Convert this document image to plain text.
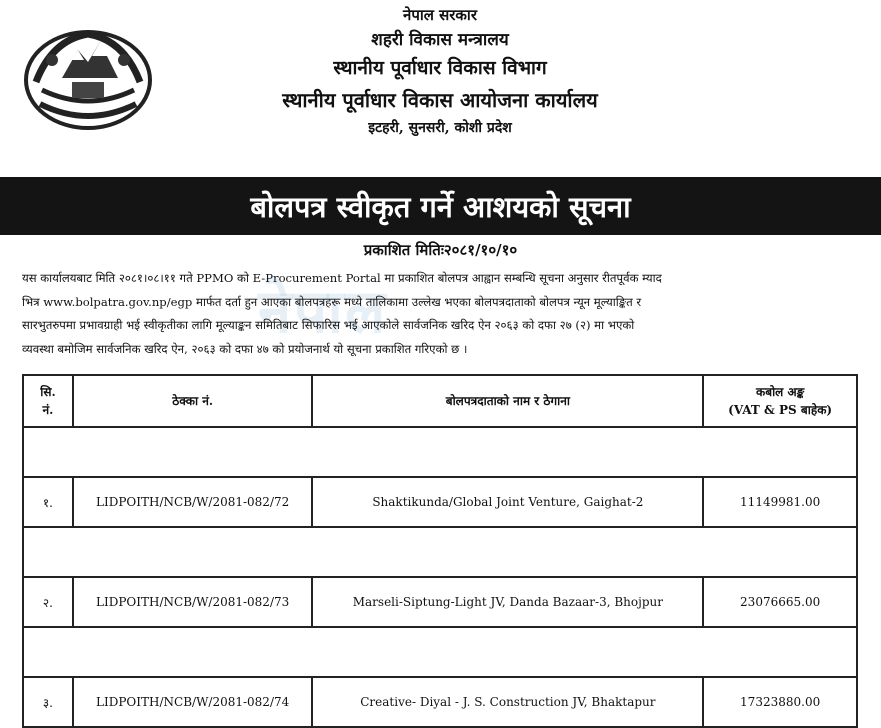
नेपाल सरकार
शहरी विकास मन्त्रालय
स्थानीय पूर्वाधार विकास विभाग
स्थानीय पूर्वाधार विकास आयोजना कार्यालय
इटहरी, सुनसरी, कोशी प्रदेश
बोलपत्र स्वीकृत गर्ने आशयको सूचना
प्रकाशित मितिः२०८१/१०/१०
नेपाल
यस कार्यालयबाट मिति २०८१।०८।११ गते PPMO को E-Procurement Portal मा प्रकाशित बोलपत्र आह्वान सम्बन्धि सूचना अनुसार रीतपूर्वक म्याद
भित्र www.bolpatra.gov.np/egp मार्फत दर्ता हुन आएका बोलपत्रहरू मध्ये तालिकामा उल्लेख भएका बोलपत्रदाताको बोलपत्र न्यून मूल्याङ्कित र
सारभुतरुपमा प्रभावग्राही भई स्वीकृतीका लागि मूल्याङ्कन समितिबाट सिफारिस भई आएकोले सार्वजनिक खरिद ऐन २०६३ को दफा २७ (२) मा भएको
व्यवस्था बमोजिम सार्वजनिक खरिद ऐन, २०६३ को दफा ४७ को प्रयोजनार्थ यो सूचना प्रकाशित गरिएको छ ।
सि.
नं.	ठेक्का नं.	बोलपत्रदाताको नाम र ठेगाना	कबोल अङ्क
(VAT & PS बाहेक)

१.	LIDPOITH/NCB/W/2081-082/72	Shaktikunda/Global Joint Venture, Gaighat-2	11149981.00

२.	LIDPOITH/NCB/W/2081-082/73	Marseli-Siptung-Light JV, Danda Bazaar-3, Bhojpur	23076665.00

३.	LIDPOITH/NCB/W/2081-082/74	Creative- Diyal - J. S. Construction JV, Bhaktapur	17323880.00
